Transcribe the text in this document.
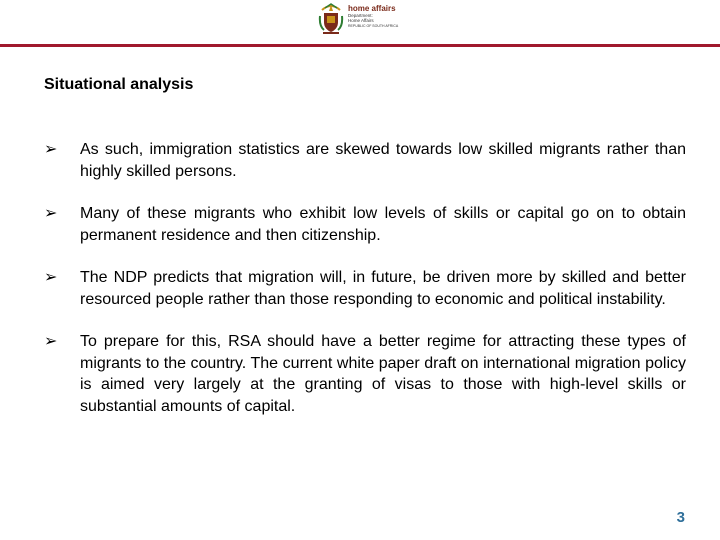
home affairs
Department:
Home Affairs
REPUBLIC OF SOUTH AFRICA
Situational analysis
➢ As such, immigration statistics are skewed towards low skilled migrants rather than highly skilled persons.
➢ Many of these migrants who exhibit low levels of skills or capital go on to obtain permanent residence and then citizenship.
➢ The NDP predicts that migration will, in future, be driven more by skilled and better resourced people rather than those responding to economic and political instability.
➢ To prepare for this, RSA should have a better regime for attracting these types of migrants to the country. The current white paper draft on international migration policy is aimed very largely at the granting of visas to those with high-level skills or substantial amounts of capital.
3
